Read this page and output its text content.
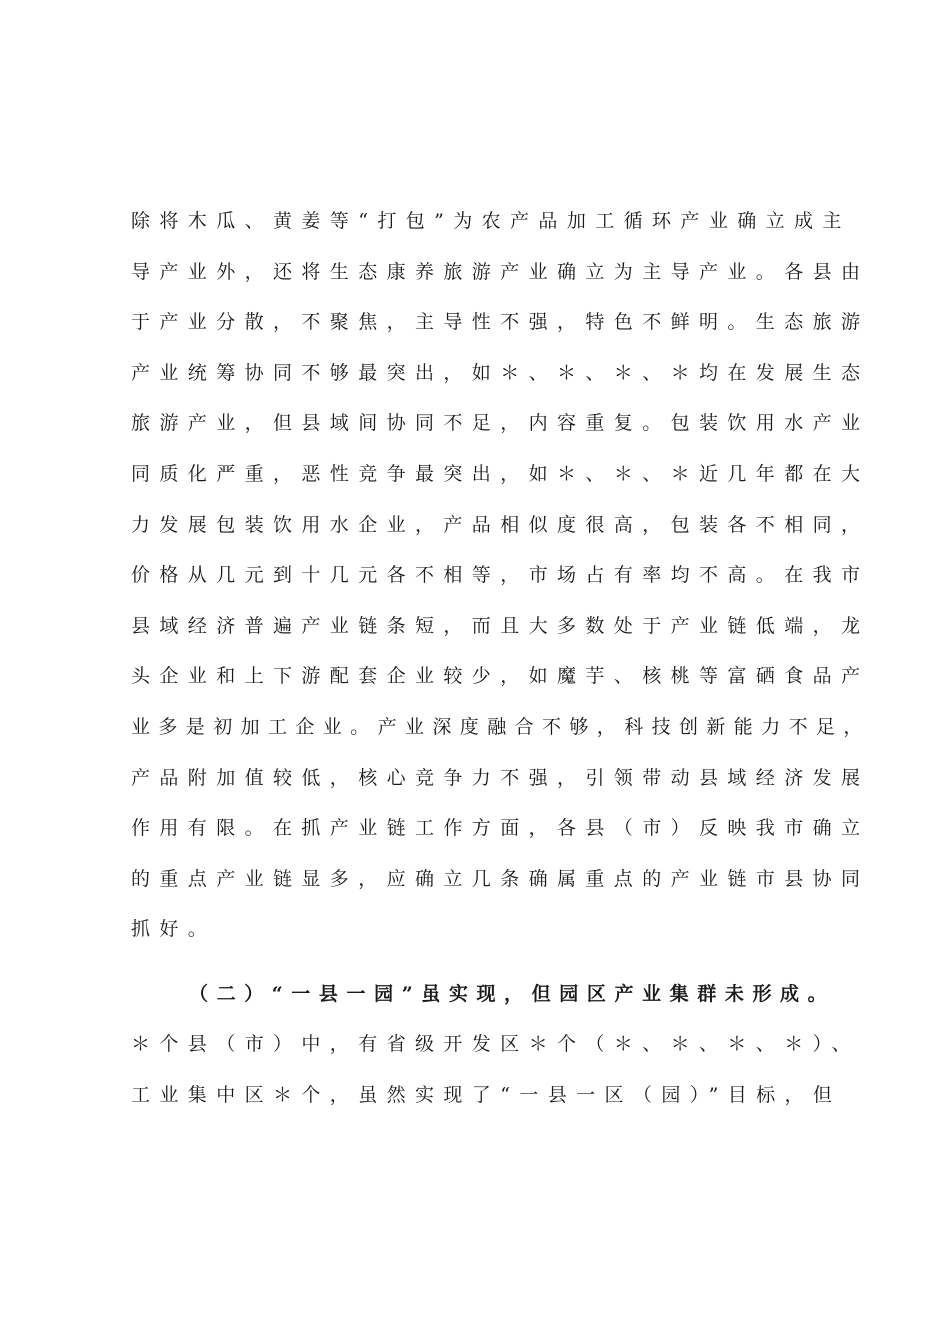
除将木瓜、黄姜等“打包”为农产品加工循环产业确立成主
导产业外，还将生态康养旅游产业确立为主导产业。各县由
于产业分散，不聚焦，主导性不强，特色不鲜明。生态旅游
产业统筹协同不够最突出，如＊、＊、＊、＊均在发展生态
旅游产业，但县域间协同不足，内容重复。包装饮用水产业
同质化严重，恶性竞争最突出，如＊、＊、＊近几年都在大
力发展包装饮用水企业，产品相似度很高，包装各不相同，
价格从几元到十几元各不相等，市场占有率均不高。在我市
县域经济普遍产业链条短，而且大多数处于产业链低端，龙
头企业和上下游配套企业较少，如魔芋、核桃等富硒食品产
业多是初加工企业。产业深度融合不够，科技创新能力不足，
产品附加值较低，核心竞争力不强，引领带动县域经济发展
作用有限。在抓产业链工作方面，各县（市）反映我市确立
的重点产业链显多，应确立几条确属重点的产业链市县协同
抓好。
（二）“一县一园”虽实现，但园区产业集群未形成。
＊个县（市）中，有省级开发区＊个（＊、＊、＊、＊）、
工业集中区＊个，虽然实现了“一县一区（园）”目标，但
